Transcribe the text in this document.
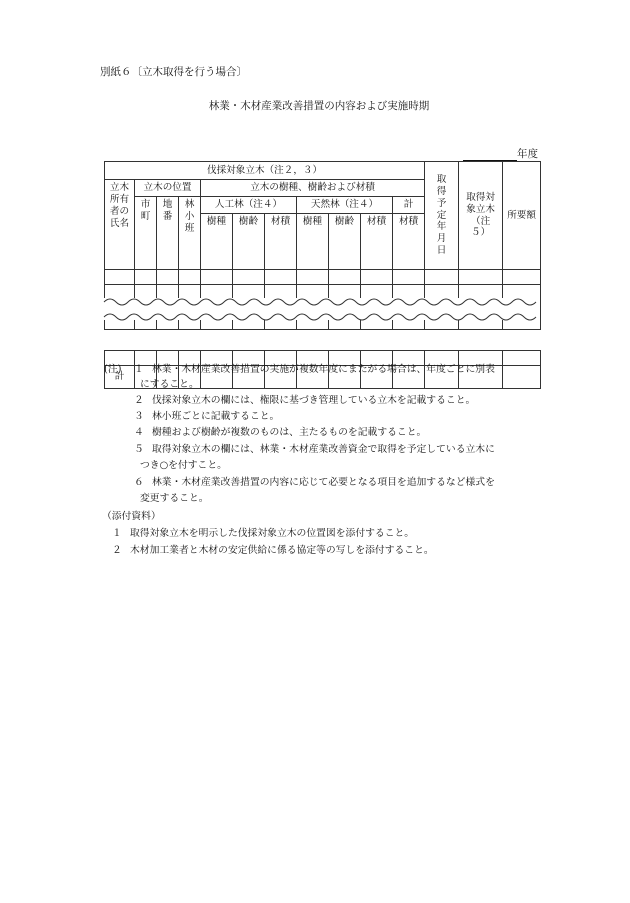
別紙６〔立木取得を行う場合〕
林業・木材産業改善措置の内容および実施時期
年度
伐採対象立木（注２，３）											取得予定年月日	取得対象立木（注５）	所要額
立木所有者の氏名	立木の位置			立木の樹種、樹齢および材積									
	市町	地番	林小班	人工林（注４）			天然林（注４）			計			
				樹種	樹齢	材積	樹種	樹齢	材積	材積			

計													
(注) １ 林業・木材産業改善措置の実施が複数年度にまたがる場合は、年度ごとに別表
にすること。
２ 伐採対象立木の欄には、権限に基づき管理している立木を記載すること。
３ 林小班ごとに記載すること。
４ 樹種および樹齢が複数のものは、主たるものを記載すること。
５ 取得対象立木の欄には、林業・木材産業改善資金で取得を予定している立木に
つき○を付すこと。
６ 林業・木材産業改善措置の内容に応じて必要となる項目を追加するなど様式を
変更すること。
（添付資料）
１ 取得対象立木を明示した伐採対象立木の位置図を添付すること。
２ 木材加工業者と木材の安定供給に係る協定等の写しを添付すること。
